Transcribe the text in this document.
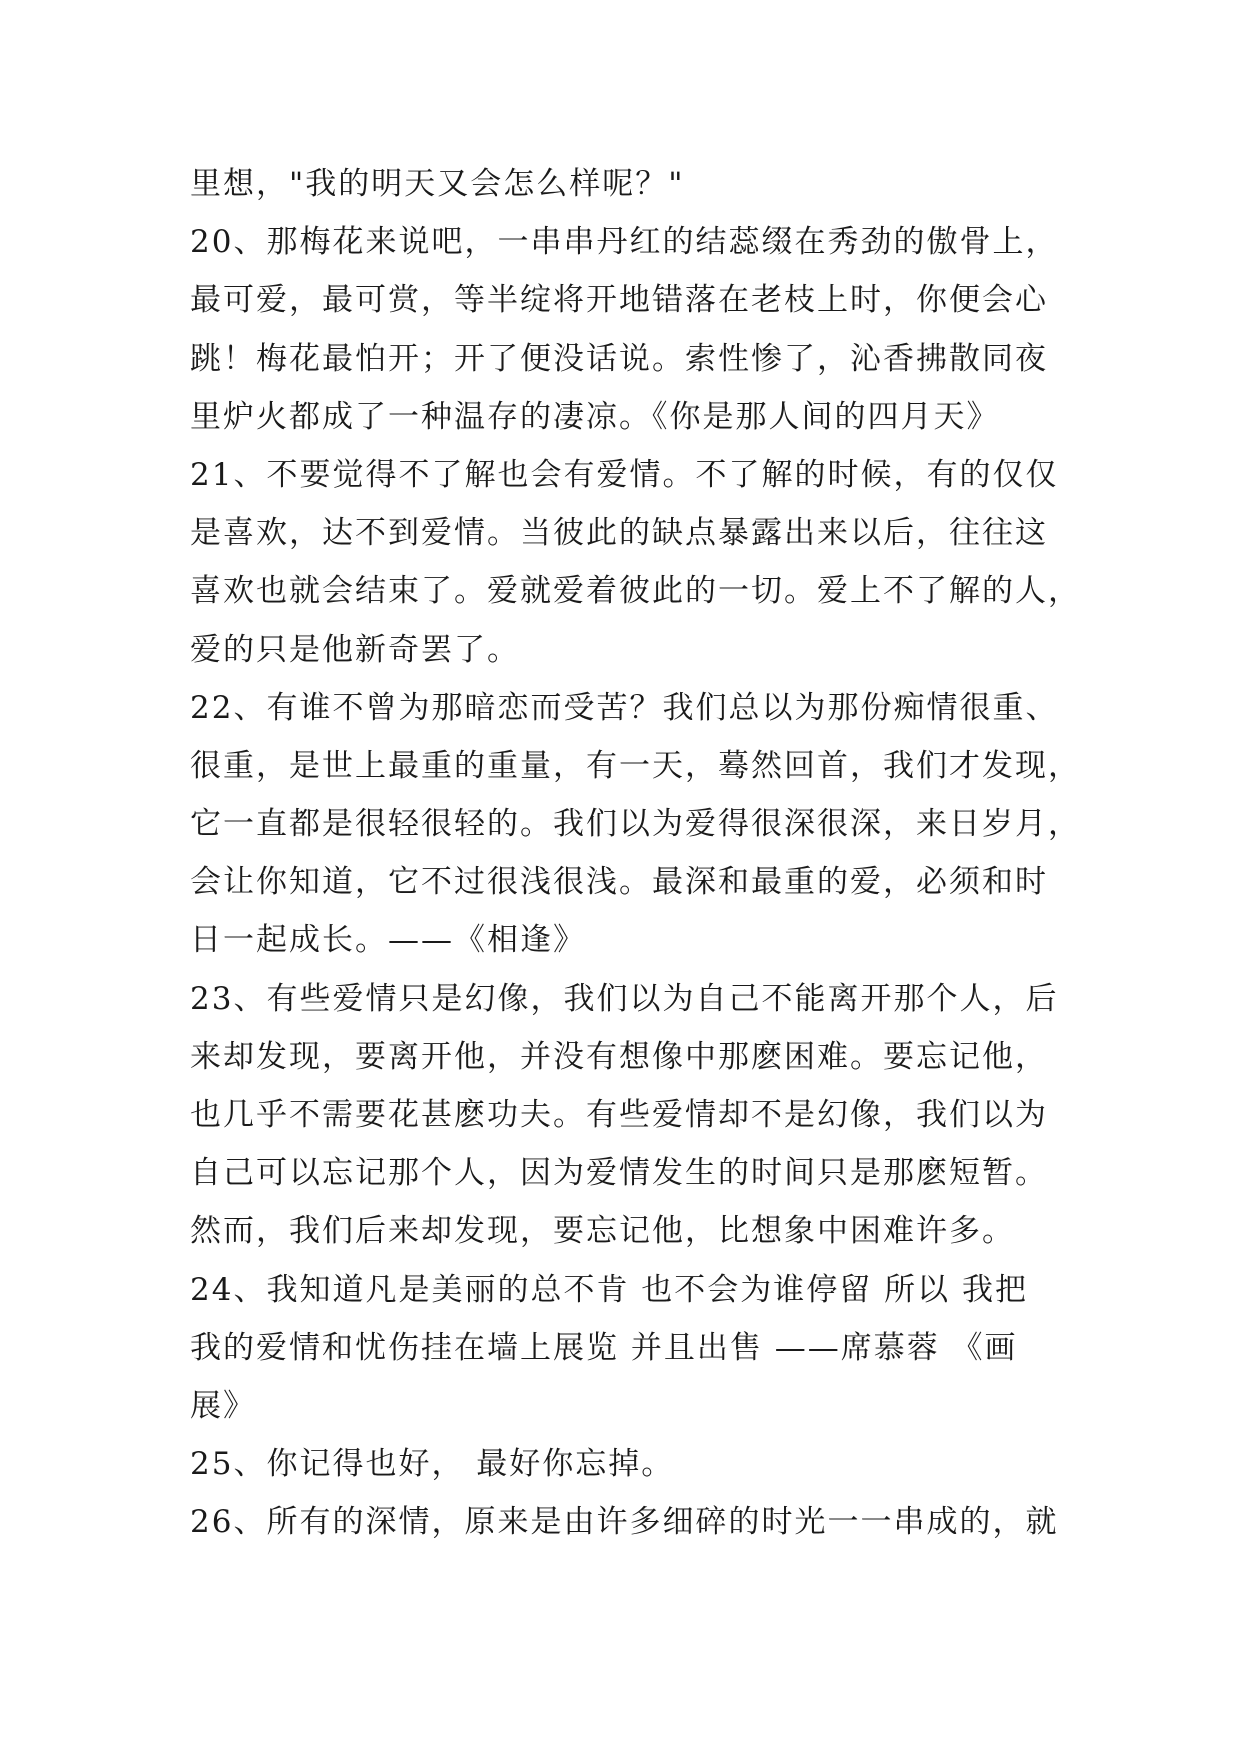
里想，"我的明天又会怎么样呢？"
20、那梅花来说吧，一串串丹红的结蕊缀在秀劲的傲骨上，
最可爱，最可赏，等半绽将开地错落在老枝上时，你便会心
跳！梅花最怕开；开了便没话说。索性惨了，沁香拂散同夜
里炉火都成了一种温存的凄凉。《你是那人间的四月天》
21、不要觉得不了解也会有爱情。不了解的时候，有的仅仅
是喜欢，达不到爱情。当彼此的缺点暴露出来以后，往往这
喜欢也就会结束了。爱就爱着彼此的一切。爱上不了解的人，
爱的只是他新奇罢了。
22、有谁不曾为那暗恋而受苦？我们总以为那份痴情很重、
很重，是世上最重的重量，有一天，蓦然回首，我们才发现，
它一直都是很轻很轻的。我们以为爱得很深很深，来日岁月，
会让你知道，它不过很浅很浅。最深和最重的爱，必须和时
日一起成长。——《相逢》
23、有些爱情只是幻像，我们以为自己不能离开那个人，后
来却发现，要离开他，并没有想像中那麽困难。要忘记他，
也几乎不需要花甚麽功夫。有些爱情却不是幻像，我们以为
自己可以忘记那个人，因为爱情发生的时间只是那麽短暂。
然而，我们后来却发现，要忘记他，比想象中困难许多。
24、我知道凡是美丽的总不肯 也不会为谁停留 所以 我把
我的爱情和忧伤挂在墙上展览 并且出售 ——席慕蓉 《画
展》
25、你记得也好， 最好你忘掉。
26、所有的深情，原来是由许多细碎的时光一一串成的，就
